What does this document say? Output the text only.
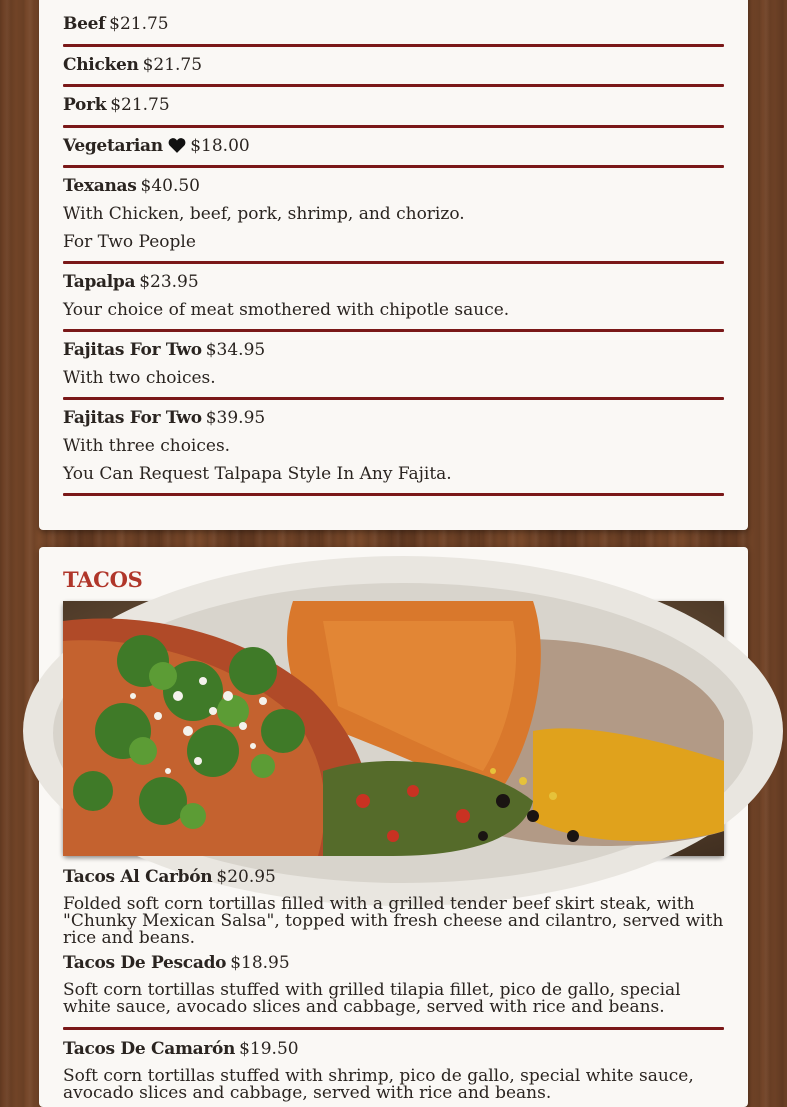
Beef $21.75
Chicken $21.75
Pork $21.75
Vegetarian $18.00
Texanas $40.50
With Chicken, beef, pork, shrimp, and chorizo.
For Two People
Tapalpa $23.95
Your choice of meat smothered with chipotle sauce.
Fajitas For Two $34.95
With two choices.
Fajitas For Two $39.95
With three choices.
You Can Request Talpapa Style In Any Fajita.
TACOS
Tacos Al Carbón $20.95
Folded soft corn tortillas filled with a grilled tender beef skirt steak, with "Chunky Mexican Salsa", topped with fresh cheese and cilantro, served with rice and beans.
Tacos De Pescado $18.95
Soft corn tortillas stuffed with grilled tilapia fillet, pico de gallo, special white sauce, avocado slices and cabbage, served with rice and beans.
Tacos De Camarón $19.50
Soft corn tortillas stuffed with shrimp, pico de gallo, special white sauce, avocado slices and cabbage, served with rice and beans.
